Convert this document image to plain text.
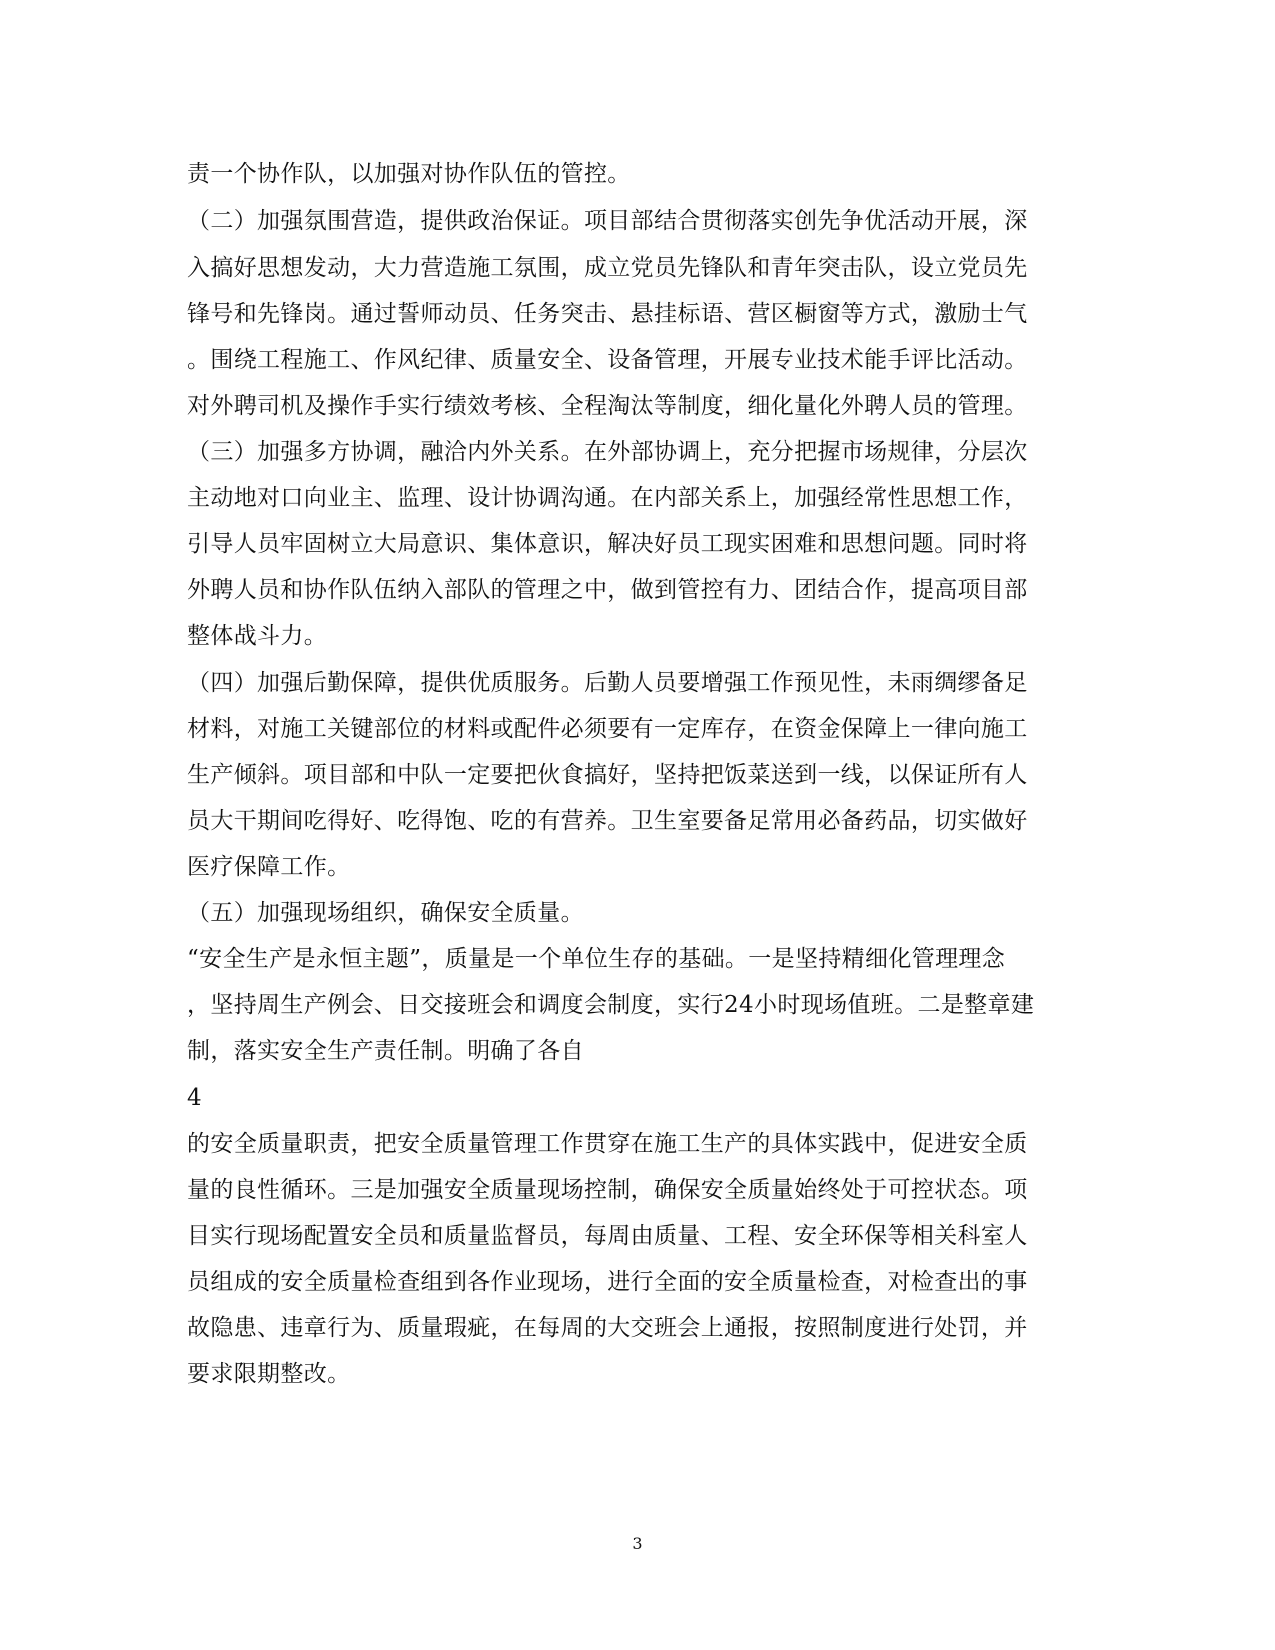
责一个协作队，以加强对协作队伍的管控。
（二）加强氛围营造，提供政治保证。项目部结合贯彻落实创先争优活动开展，深
入搞好思想发动，大力营造施工氛围，成立党员先锋队和青年突击队，设立党员先
锋号和先锋岗。通过誓师动员、任务突击、悬挂标语、营区橱窗等方式，激励士气
。围绕工程施工、作风纪律、质量安全、设备管理，开展专业技术能手评比活动。
对外聘司机及操作手实行绩效考核、全程淘汰等制度，细化量化外聘人员的管理。
（三）加强多方协调，融洽内外关系。在外部协调上，充分把握市场规律，分层次
主动地对口向业主、监理、设计协调沟通。在内部关系上，加强经常性思想工作，
引导人员牢固树立大局意识、集体意识，解决好员工现实困难和思想问题。同时将
外聘人员和协作队伍纳入部队的管理之中，做到管控有力、团结合作，提高项目部
整体战斗力。
（四）加强后勤保障，提供优质服务。后勤人员要增强工作预见性，未雨绸缪备足
材料，对施工关键部位的材料或配件必须要有一定库存，在资金保障上一律向施工
生产倾斜。项目部和中队一定要把伙食搞好，坚持把饭菜送到一线，以保证所有人
员大干期间吃得好、吃得饱、吃的有营养。卫生室要备足常用必备药品，切实做好
医疗保障工作。
（五）加强现场组织，确保安全质量。
“安全生产是永恒主题”，质量是一个单位生存的基础。一是坚持精细化管理理念
，坚持周生产例会、日交接班会和调度会制度，实行24小时现场值班。二是整章建
制，落实安全生产责任制。明确了各自
4
的安全质量职责，把安全质量管理工作贯穿在施工生产的具体实践中，促进安全质
量的良性循环。三是加强安全质量现场控制，确保安全质量始终处于可控状态。项
目实行现场配置安全员和质量监督员，每周由质量、工程、安全环保等相关科室人
员组成的安全质量检查组到各作业现场，进行全面的安全质量检查，对检查出的事
故隐患、违章行为、质量瑕疵，在每周的大交班会上通报，按照制度进行处罚，并
要求限期整改。
3
